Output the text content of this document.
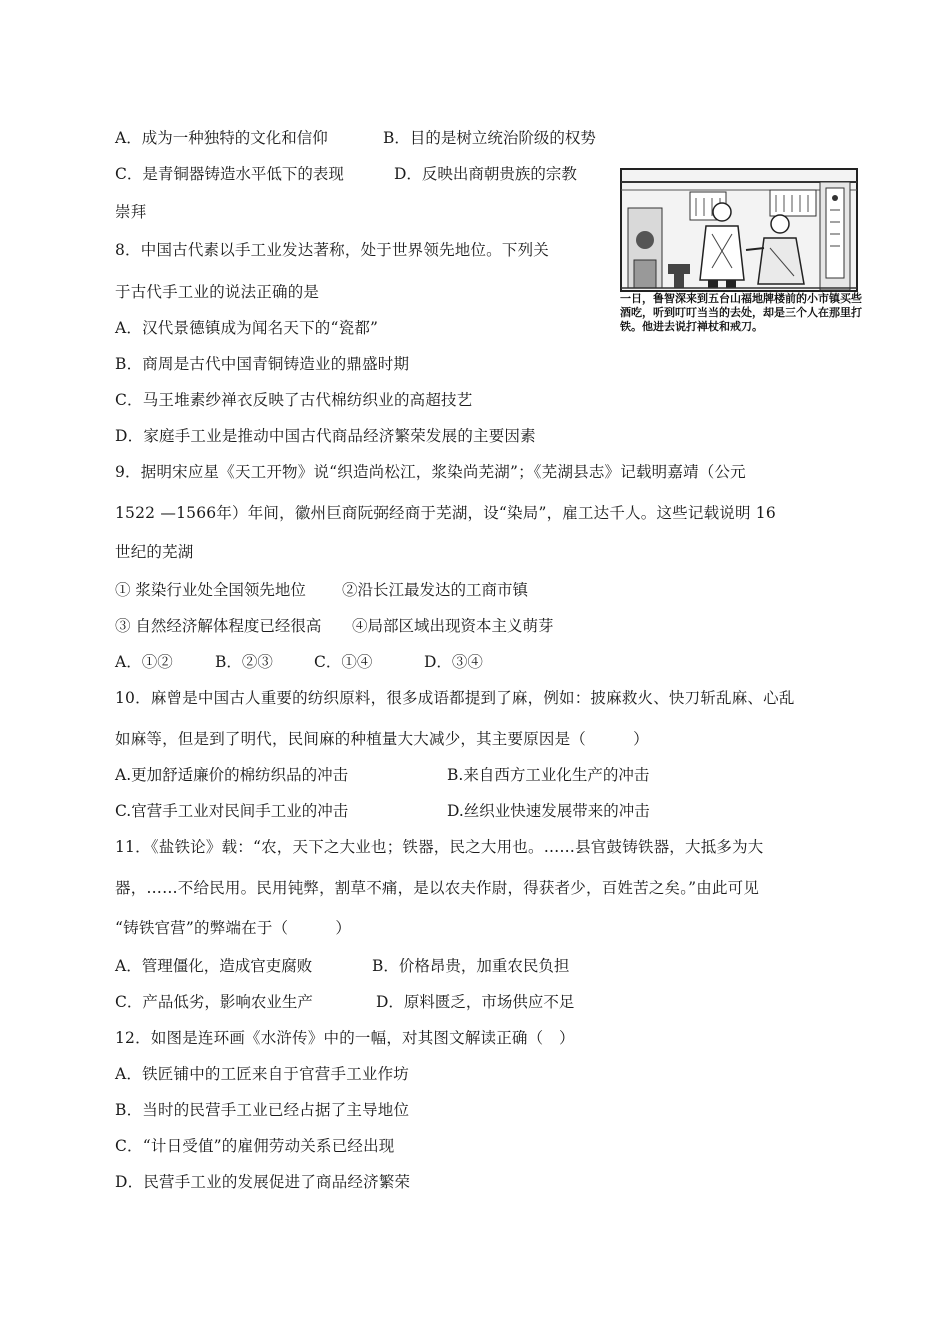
A．成为一种独特的文化和信仰	B．目的是树立统治阶级的权势
C．是青铜器铸造水平低下的表现	D．反映出商朝贵族的宗教
崇拜
一日，鲁智深来到五台山福地牌楼前的小市镇买些酒吃，听到叮叮当当的去处，却是三个人在那里打铁。他进去说打禅杖和戒刀。
8．中国古代素以手工业发达著称，处于世界领先地位。下列关
于古代手工业的说法正确的是
A．汉代景德镇成为闻名天下的“瓷都”
B．商周是古代中国青铜铸造业的鼎盛时期
C．马王堆素纱禅衣反映了古代棉纺织业的高超技艺
D．家庭手工业是推动中国古代商品经济繁荣发展的主要因素
9．据明宋应星《天工开物》说“织造尚松江，浆染尚芜湖”；《芜湖县志》记载明嘉靖（公元
1522 —1566年）年间，徽州巨商阮弼经商于芜湖，设“染局”，雇工达千人。这些记载说明 16
世纪的芜湖
① 浆染行业处全国领先地位 ②沿长江最发达的工商市镇
③ 自然经济解体程度已经很高 ④局部区域出现资本主义萌芽
A．①②	B．②③	C．①④	D．③④
10．麻曾是中国古人重要的纺织原料，很多成语都提到了麻，例如：披麻救火、快刀斩乱麻、心乱
如麻等，但是到了明代，民间麻的种植量大大减少，其主要原因是（　　　）
A.更加舒适廉价的棉纺织品的冲击	B.来自西方工业化生产的冲击
C.官营手工业对民间手工业的冲击	D.丝织业快速发展带来的冲击
11．《盐铁论》载：“农，天下之大业也；铁器，民之大用也。……县官鼓铸铁器，大抵多为大
器，……不给民用。民用钝弊，割草不痛，是以农夫作尉，得获者少，百姓苦之矣。”由此可见
“铸铁官营”的弊端在于（　　　）
A．管理僵化，造成官吏腐败	B．价格昂贵，加重农民负担
C．产品低劣，影响农业生产	D．原料匮乏，市场供应不足
12．如图是连环画《水浒传》中的一幅，对其图文解读正确（　）
A．铁匠铺中的工匠来自于官营手工业作坊
B．当时的民营手工业已经占据了主导地位
C．“计日受值”的雇佣劳动关系已经出现
D．民营手工业的发展促进了商品经济繁荣
